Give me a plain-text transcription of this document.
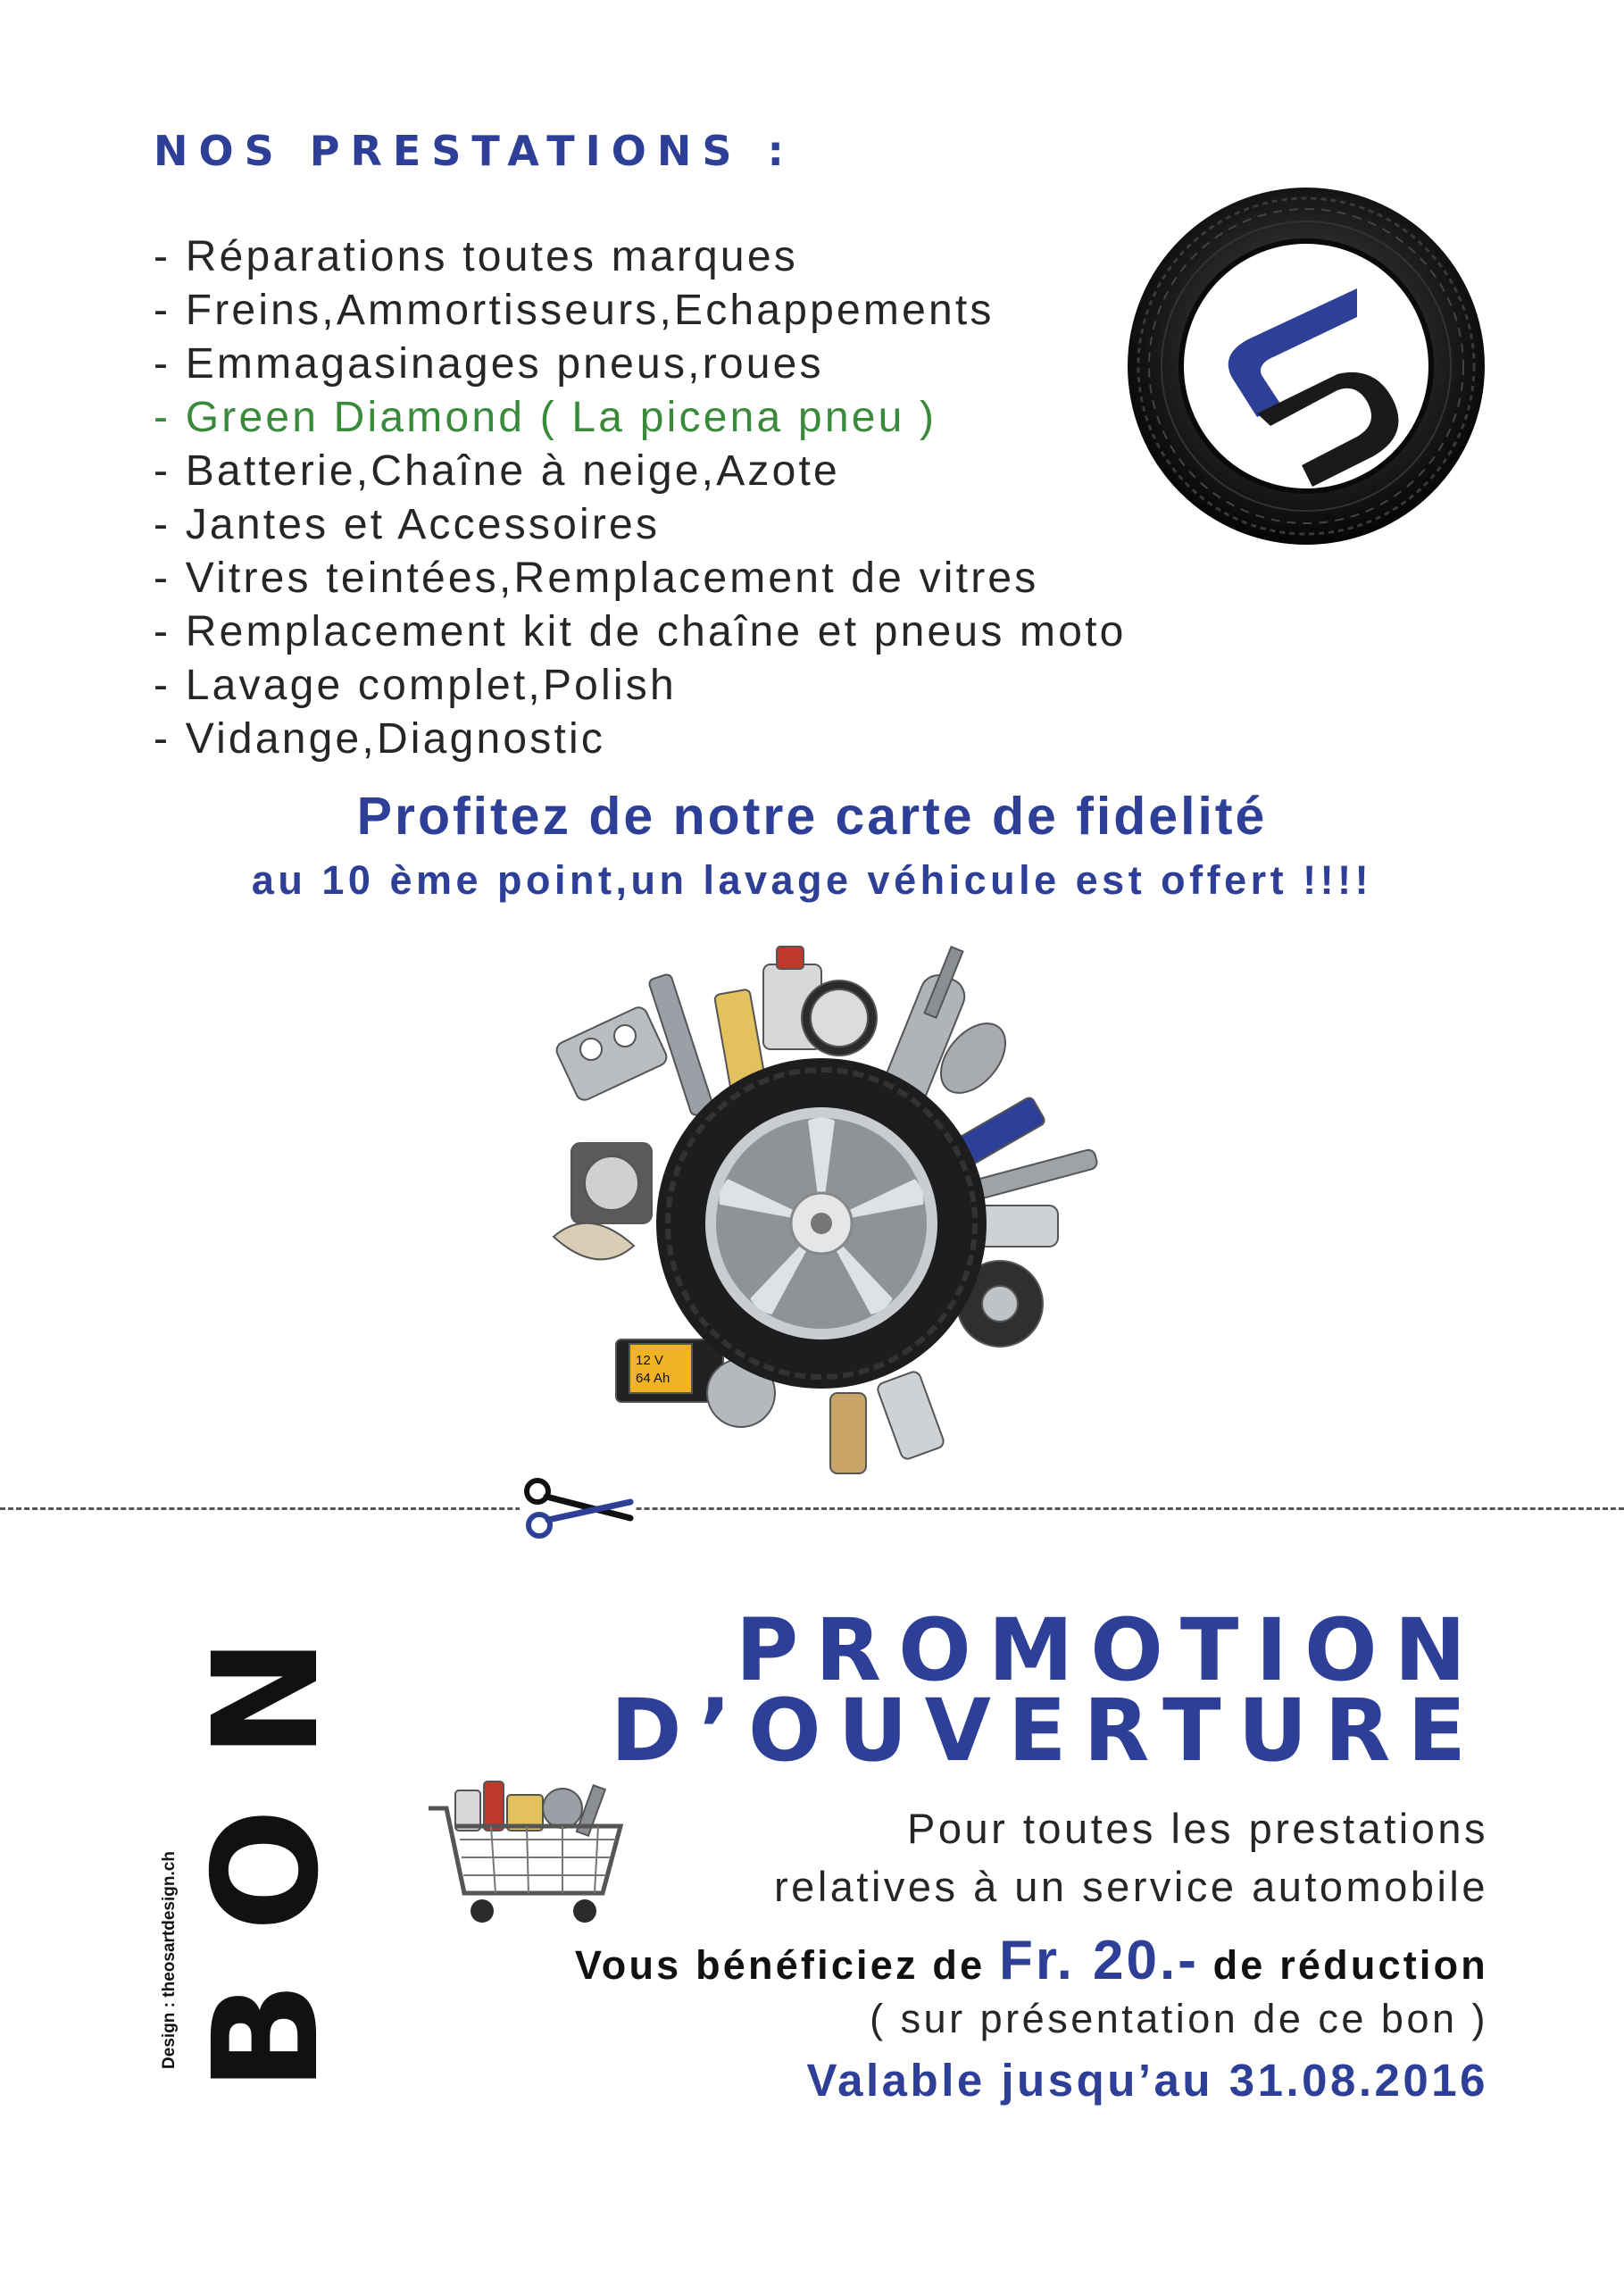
NOS PRESTATIONS :
- Réparations toutes marques
- Freins,Ammortisseurs,Echappements
- Emmagasinages pneus,roues
- Green Diamond ( La picena pneu )
- Batterie,Chaîne à neige,Azote
- Jantes et Accessoires
- Vitres teintées,Remplacement de vitres
- Remplacement kit de chaîne et pneus moto
- Lavage complet,Polish
- Vidange,Diagnostic

Profitez de notre carte de fidelité

au 10 ème point,un lavage véhicule est offert !!!!

12 V
64 Ah
BON
Design : theosartdesign.ch
PROMOTION
D’OUVERTURE

Pour toutes les prestations

relatives à un service automobile

Vous bénéficiez de Fr. 20.- de réduction

( sur présentation de ce bon )

Valable jusqu’au 31.08.2016
